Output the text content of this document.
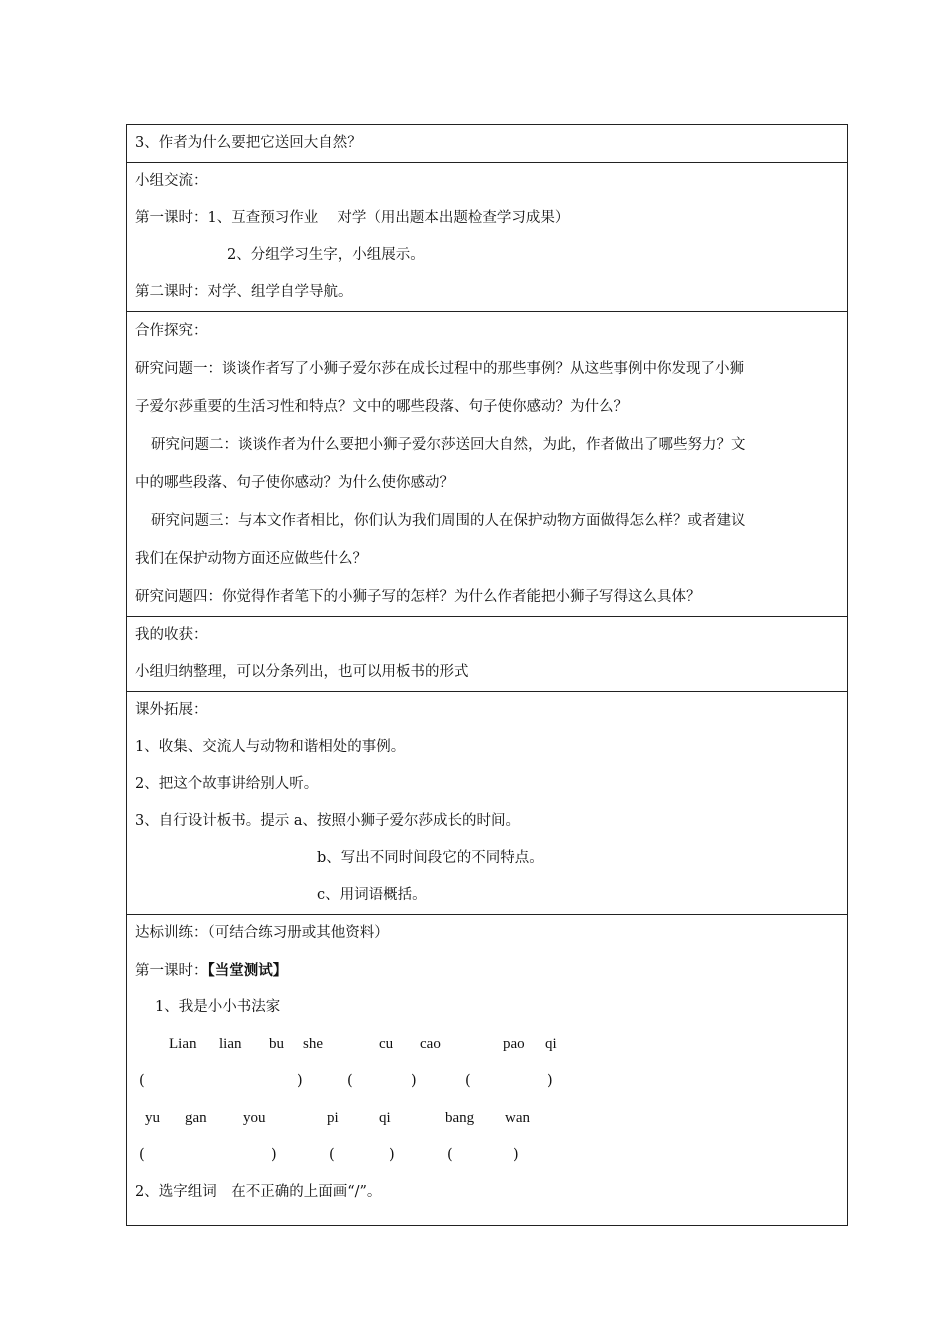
3、作者为什么要把它送回大自然？
小组交流：
第一课时：1、互查预习作业　 对学（用出题本出题检查学习成果）
2、分组学习生字，小组展示。
第二课时：对学、组学自学导航。
合作探究：
研究问题一：谈谈作者写了小狮子爱尔莎在成长过程中的那些事例？从这些事例中你发现了小狮
子爱尔莎重要的生活习性和特点？文中的哪些段落、句子使你感动？为什么？
研究问题二：谈谈作者为什么要把小狮子爱尔莎送回大自然，为此，作者做出了哪些努力？文
中的哪些段落、句子使你感动？为什么使你感动？
研究问题三：与本文作者相比，你们认为我们周围的人在保护动物方面做得怎么样？或者建议
我们在保护动物方面还应做些什么？
研究问题四：你觉得作者笔下的小狮子写的怎样？为什么作者能把小狮子写得这么具体？
我的收获：
小组归纳整理，可以分条列出，也可以用板书的形式
课外拓展：
1、收集、交流人与动物和谐相处的事例。
2、把这个故事讲给别人听。
3、自行设计板书。提示 a、按照小狮子爱尔莎成长的时间。
b、写出不同时间段它的不同特点。
c、用词语概括。
达标训练：（可结合练习册或其他资料）
第一课时：【当堂测试】
1、我是小小书法家
Lian lian bu she	cu cao	pao qi
(	)	(	)	(	)
yu gan you	pi	qi	bang wan
(	)	(	)	(	)
2、选字组词　在不正确的上面画“/”。
